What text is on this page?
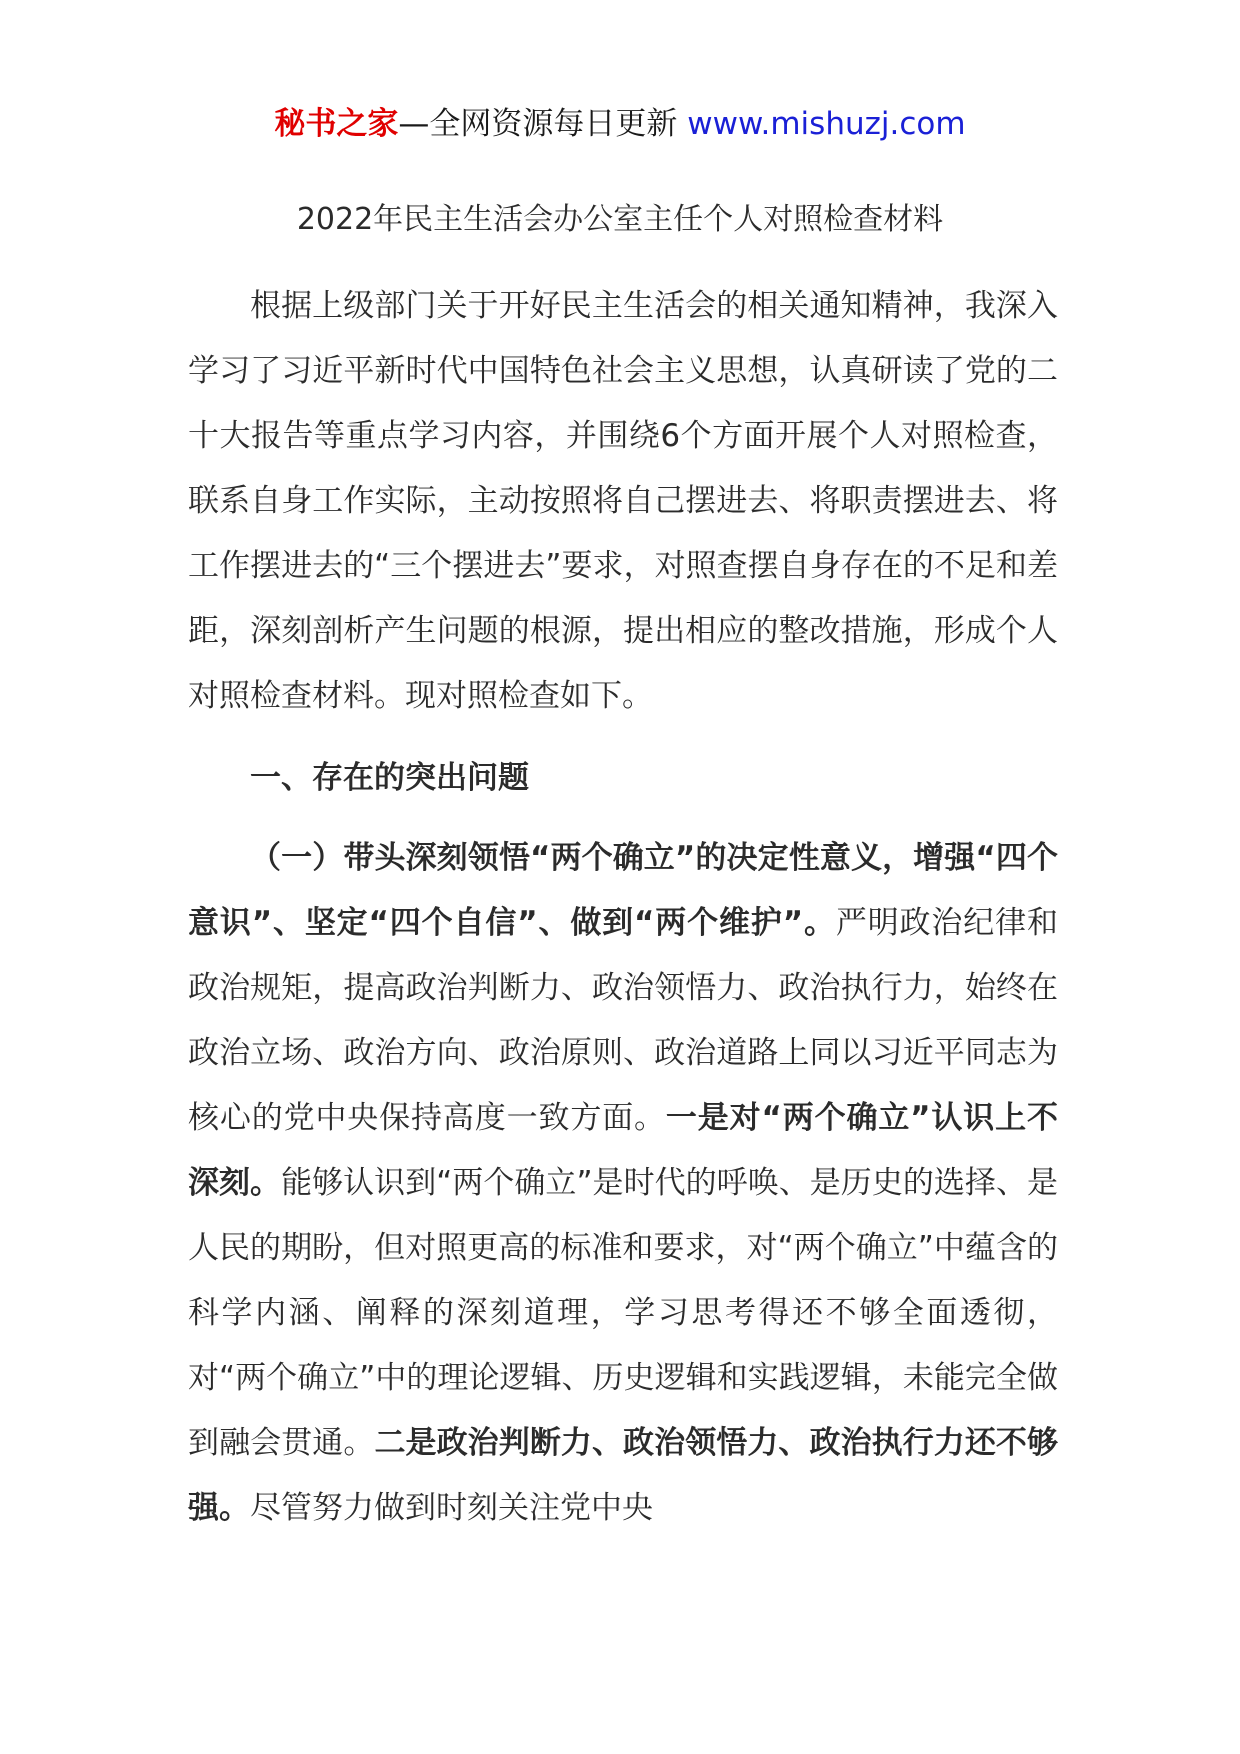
秘书之家—全网资源每日更新 www.mishuzj.com
2022年民主生活会办公室主任个人对照检查材料

根据上级部门关于开好民主生活会的相关通知精神，我深入学习了习近平新时代中国特色社会主义思想，认真研读了党的二十大报告等重点学习内容，并围绕6个方面开展个人对照检查，联系自身工作实际，主动按照将自己摆进去、将职责摆进去、将工作摆进去的“三个摆进去”要求，对照查摆自身存在的不足和差距，深刻剖析产生问题的根源，提出相应的整改措施，形成个人对照检查材料。现对照检查如下。

一、存在的突出问题

（一）带头深刻领悟“两个确立”的决定性意义，增强“四个意识”、坚定“四个自信”、做到“两个维护”。严明政治纪律和政治规矩，提高政治判断力、政治领悟力、政治执行力，始终在政治立场、政治方向、政治原则、政治道路上同以习近平同志为核心的党中央保持高度一致方面。一是对“两个确立”认识上不深刻。能够认识到“两个确立”是时代的呼唤、是历史的选择、是人民的期盼，但对照更高的标准和要求，对“两个确立”中蕴含的科学内涵、阐释的深刻道理，学习思考得还不够全面透彻，对“两个确立”中的理论逻辑、历史逻辑和实践逻辑，未能完全做到融会贯通。二是政治判断力、政治领悟力、政治执行力还不够强。尽管努力做到时刻关注党中央
